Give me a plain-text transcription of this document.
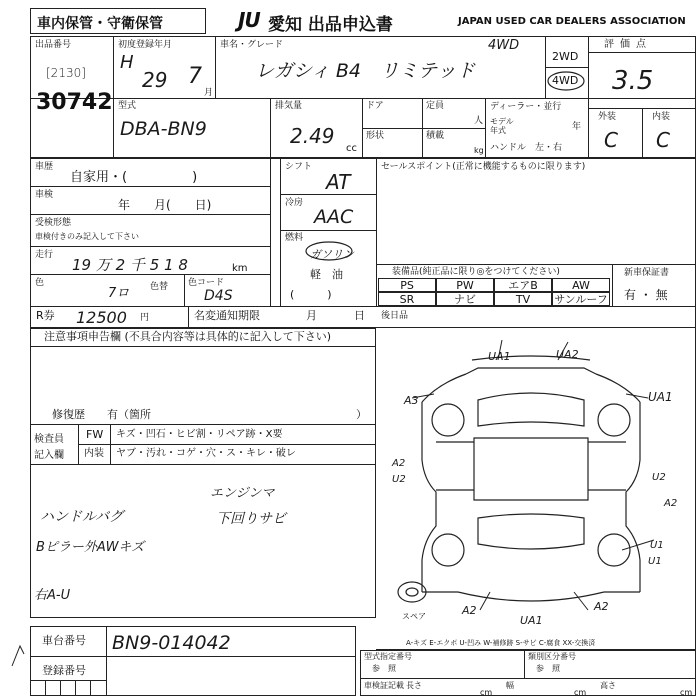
車内保管・守衛保管	JU 愛知 出品申込書	JAPAN USED CAR DEALERS ASSOCIATION
出品番号
[2130]
30742
初度登録年月
H
29 7
月
車名・グレード
レガシィ B4　リミテッド
4WD
2WD
4WD
評価点
3.5
外装	内装
C C
型式
DBA-BN9
排気量
2.49
cc
ドア	定員
人
形状	積載
kg
ディーラー・並行
モデル
年式	年
ハンドル　左・右
車歴
自家用・(　　　　　)
シフト
AT
セールスポイント(正常に機能するものに限ります)
車検
年　　月(　　日)	冷房
AAC
受検形態
車検付きのみ記入して下さい	燃料
ガソリン
軽　油
(　　　)
走行
19 万 2 千 5 1 8	km	装備品(純正品に限り◎をつけてください)
PS	PW	エアB	AW
SR	ナビ	TV	サンルーフ
色
7ロ 色替 色コード
D4S
新車保証書
有 ・ 無
R券 12500 円	名変通知期限	月	日 後日品
注意事項申告欄 (不具合内容等は具体的に記入して下さい)
修復歴　　有（箇所	）
検査員
記入欄
FW キズ・凹石・ヒビ割・リペア跡・X要
内装 ヤブ・汚れ・コゲ・穴・ス・キレ・破レ
エンジンマ
ハンドルバグ	下回りサビ
Bピラー外AWキズ
右A-U
UA1	UA2
A3	UA1
A2
U2	U2
A2
U1
U1
A2
UA1
A2
スペア
A-キズ E-エクボ U-凹み W-補修跡 S-サビ C-腐食 XX-交換済
車台番号 BN9-014042
登録番号
型式指定番号
参　照
類別区分番号
参　照
車検証記載 長さ	幅	高さ
cm	cm	cm
